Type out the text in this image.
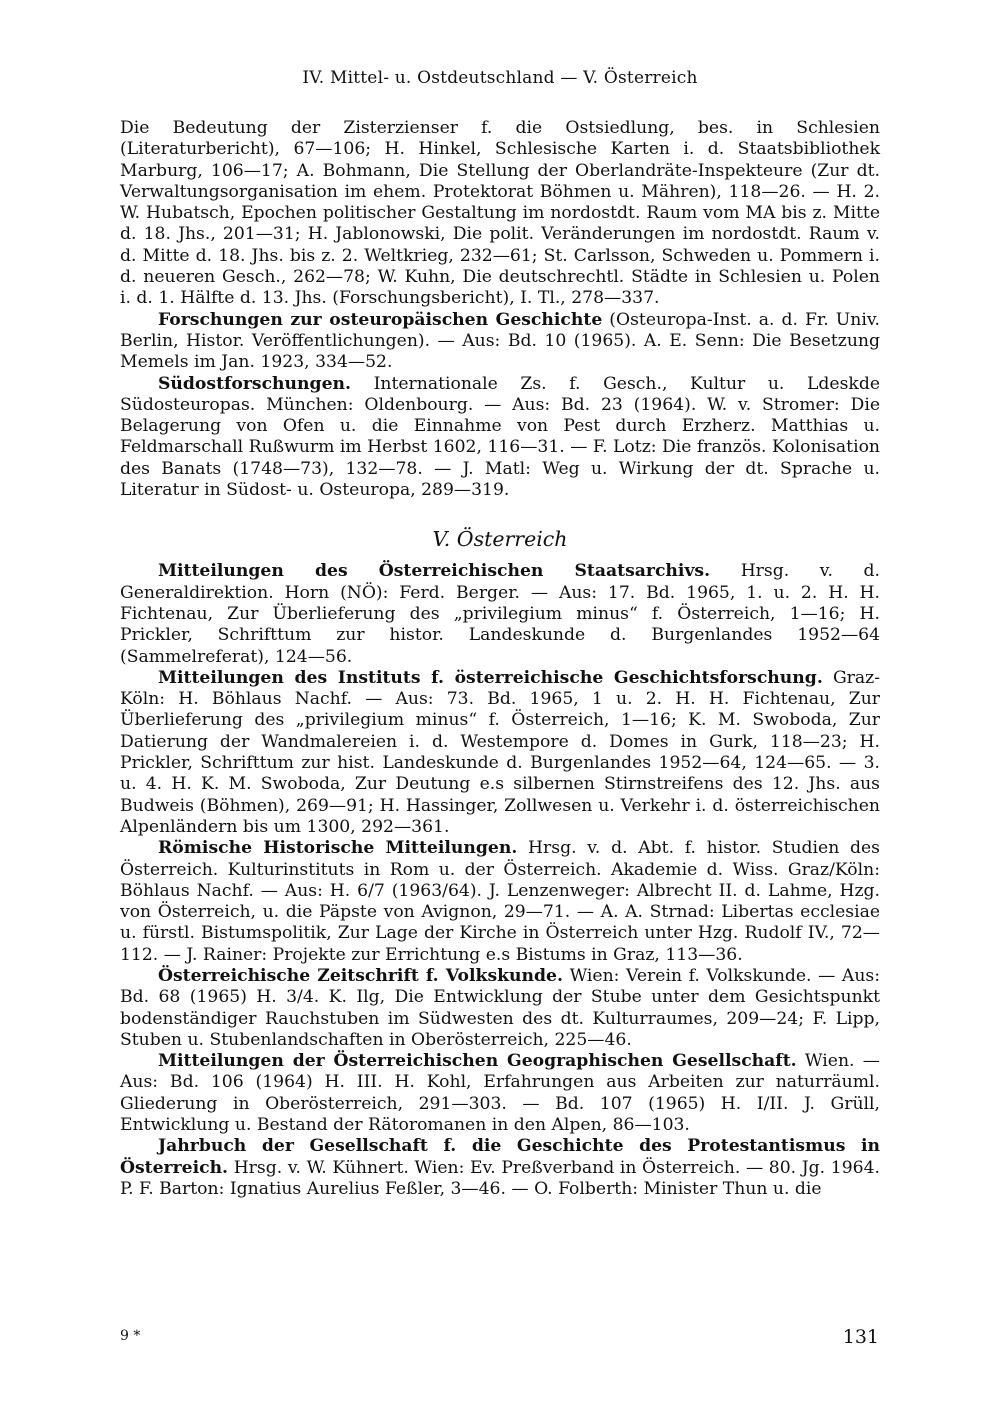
IV. Mittel- u. Ostdeutschland — V. Österreich

Die Bedeutung der Zisterzienser f. die Ostsiedlung, bes. in Schlesien (Literaturbericht), 67—106; H. Hinkel, Schlesische Karten i. d. Staatsbibliothek Marburg, 106—17; A. Bohmann, Die Stellung der Oberlandräte-Inspekteure (Zur dt. Verwaltungsorganisation im ehem. Protektorat Böhmen u. Mähren), 118—26. — H. 2. W. Hubatsch, Epochen politischer Gestaltung im nordostdt. Raum vom MA bis z. Mitte d. 18. Jhs., 201—31; H. Jablonowski, Die polit. Veränderungen im nordostdt. Raum v. d. Mitte d. 18. Jhs. bis z. 2. Weltkrieg, 232—61; St. Carlsson, Schweden u. Pommern i. d. neueren Gesch., 262—78; W. Kuhn, Die deutschrechtl. Städte in Schlesien u. Polen i. d. 1. Hälfte d. 13. Jhs. (Forschungsbericht), I. Tl., 278—337.

Forschungen zur osteuropäischen Geschichte (Osteuropa-Inst. a. d. Fr. Univ. Berlin, Histor. Veröffentlichungen). — Aus: Bd. 10 (1965). A. E. Senn: Die Besetzung Memels im Jan. 1923, 334—52.

Südostforschungen. Internationale Zs. f. Gesch., Kultur u. Ldeskde Südosteuropas. München: Oldenbourg. — Aus: Bd. 23 (1964). W. v. Stromer: Die Belagerung von Ofen u. die Einnahme von Pest durch Erzherz. Matthias u. Feldmarschall Rußwurm im Herbst 1602, 116—31. — F. Lotz: Die französ. Kolonisation des Banats (1748—73), 132—78. — J. Matl: Weg u. Wirkung der dt. Sprache u. Literatur in Südost- u. Osteuropa, 289—319.

V. Österreich

Mitteilungen des Österreichischen Staatsarchivs. Hrsg. v. d. Generaldirektion. Horn (NÖ): Ferd. Berger. — Aus: 17. Bd. 1965, 1. u. 2. H. H. Fichtenau, Zur Überlieferung des „privilegium minus“ f. Österreich, 1—16; H. Prickler, Schrifttum zur histor. Landeskunde d. Burgenlandes 1952—64 (Sammelreferat), 124—56.

Mitteilungen des Instituts f. österreichische Geschichtsforschung. Graz-Köln: H. Böhlaus Nachf. — Aus: 73. Bd. 1965, 1 u. 2. H. H. Fichtenau, Zur Überlieferung des „privilegium minus“ f. Österreich, 1—16; K. M. Swoboda, Zur Datierung der Wandmalereien i. d. Westempore d. Domes in Gurk, 118—23; H. Prickler, Schrifttum zur hist. Landeskunde d. Burgenlandes 1952—64, 124—65. — 3. u. 4. H. K. M. Swoboda, Zur Deutung e.s silbernen Stirnstreifens des 12. Jhs. aus Budweis (Böhmen), 269—91; H. Hassinger, Zollwesen u. Verkehr i. d. österreichischen Alpenländern bis um 1300, 292—361.

Römische Historische Mitteilungen. Hrsg. v. d. Abt. f. histor. Studien des Österreich. Kulturinstituts in Rom u. der Österreich. Akademie d. Wiss. Graz/Köln: Böhlaus Nachf. — Aus: H. 6/7 (1963/64). J. Lenzenweger: Albrecht II. d. Lahme, Hzg. von Österreich, u. die Päpste von Avignon, 29—71. — A. A. Strnad: Libertas ecclesiae u. fürstl. Bistumspolitik, Zur Lage der Kirche in Österreich unter Hzg. Rudolf IV., 72—112. — J. Rainer: Projekte zur Errichtung e.s Bistums in Graz, 113—36.

Österreichische Zeitschrift f. Volkskunde. Wien: Verein f. Volkskunde. — Aus: Bd. 68 (1965) H. 3/4. K. Ilg, Die Entwicklung der Stube unter dem Gesichtspunkt bodenständiger Rauchstuben im Südwesten des dt. Kulturraumes, 209—24; F. Lipp, Stuben u. Stubenlandschaften in Oberösterreich, 225—46.

Mitteilungen der Österreichischen Geographischen Gesellschaft. Wien. — Aus: Bd. 106 (1964) H. III. H. Kohl, Erfahrungen aus Arbeiten zur naturräuml. Gliederung in Oberösterreich, 291—303. — Bd. 107 (1965) H. I/II. J. Grüll, Entwicklung u. Bestand der Rätoromanen in den Alpen, 86—103.

Jahrbuch der Gesellschaft f. die Geschichte des Protestantismus in Österreich. Hrsg. v. W. Kühnert. Wien: Ev. Preßverband in Österreich. — 80. Jg. 1964. P. F. Barton: Ignatius Aurelius Feßler, 3—46. — O. Folberth: Minister Thun u. die

9 *	131
